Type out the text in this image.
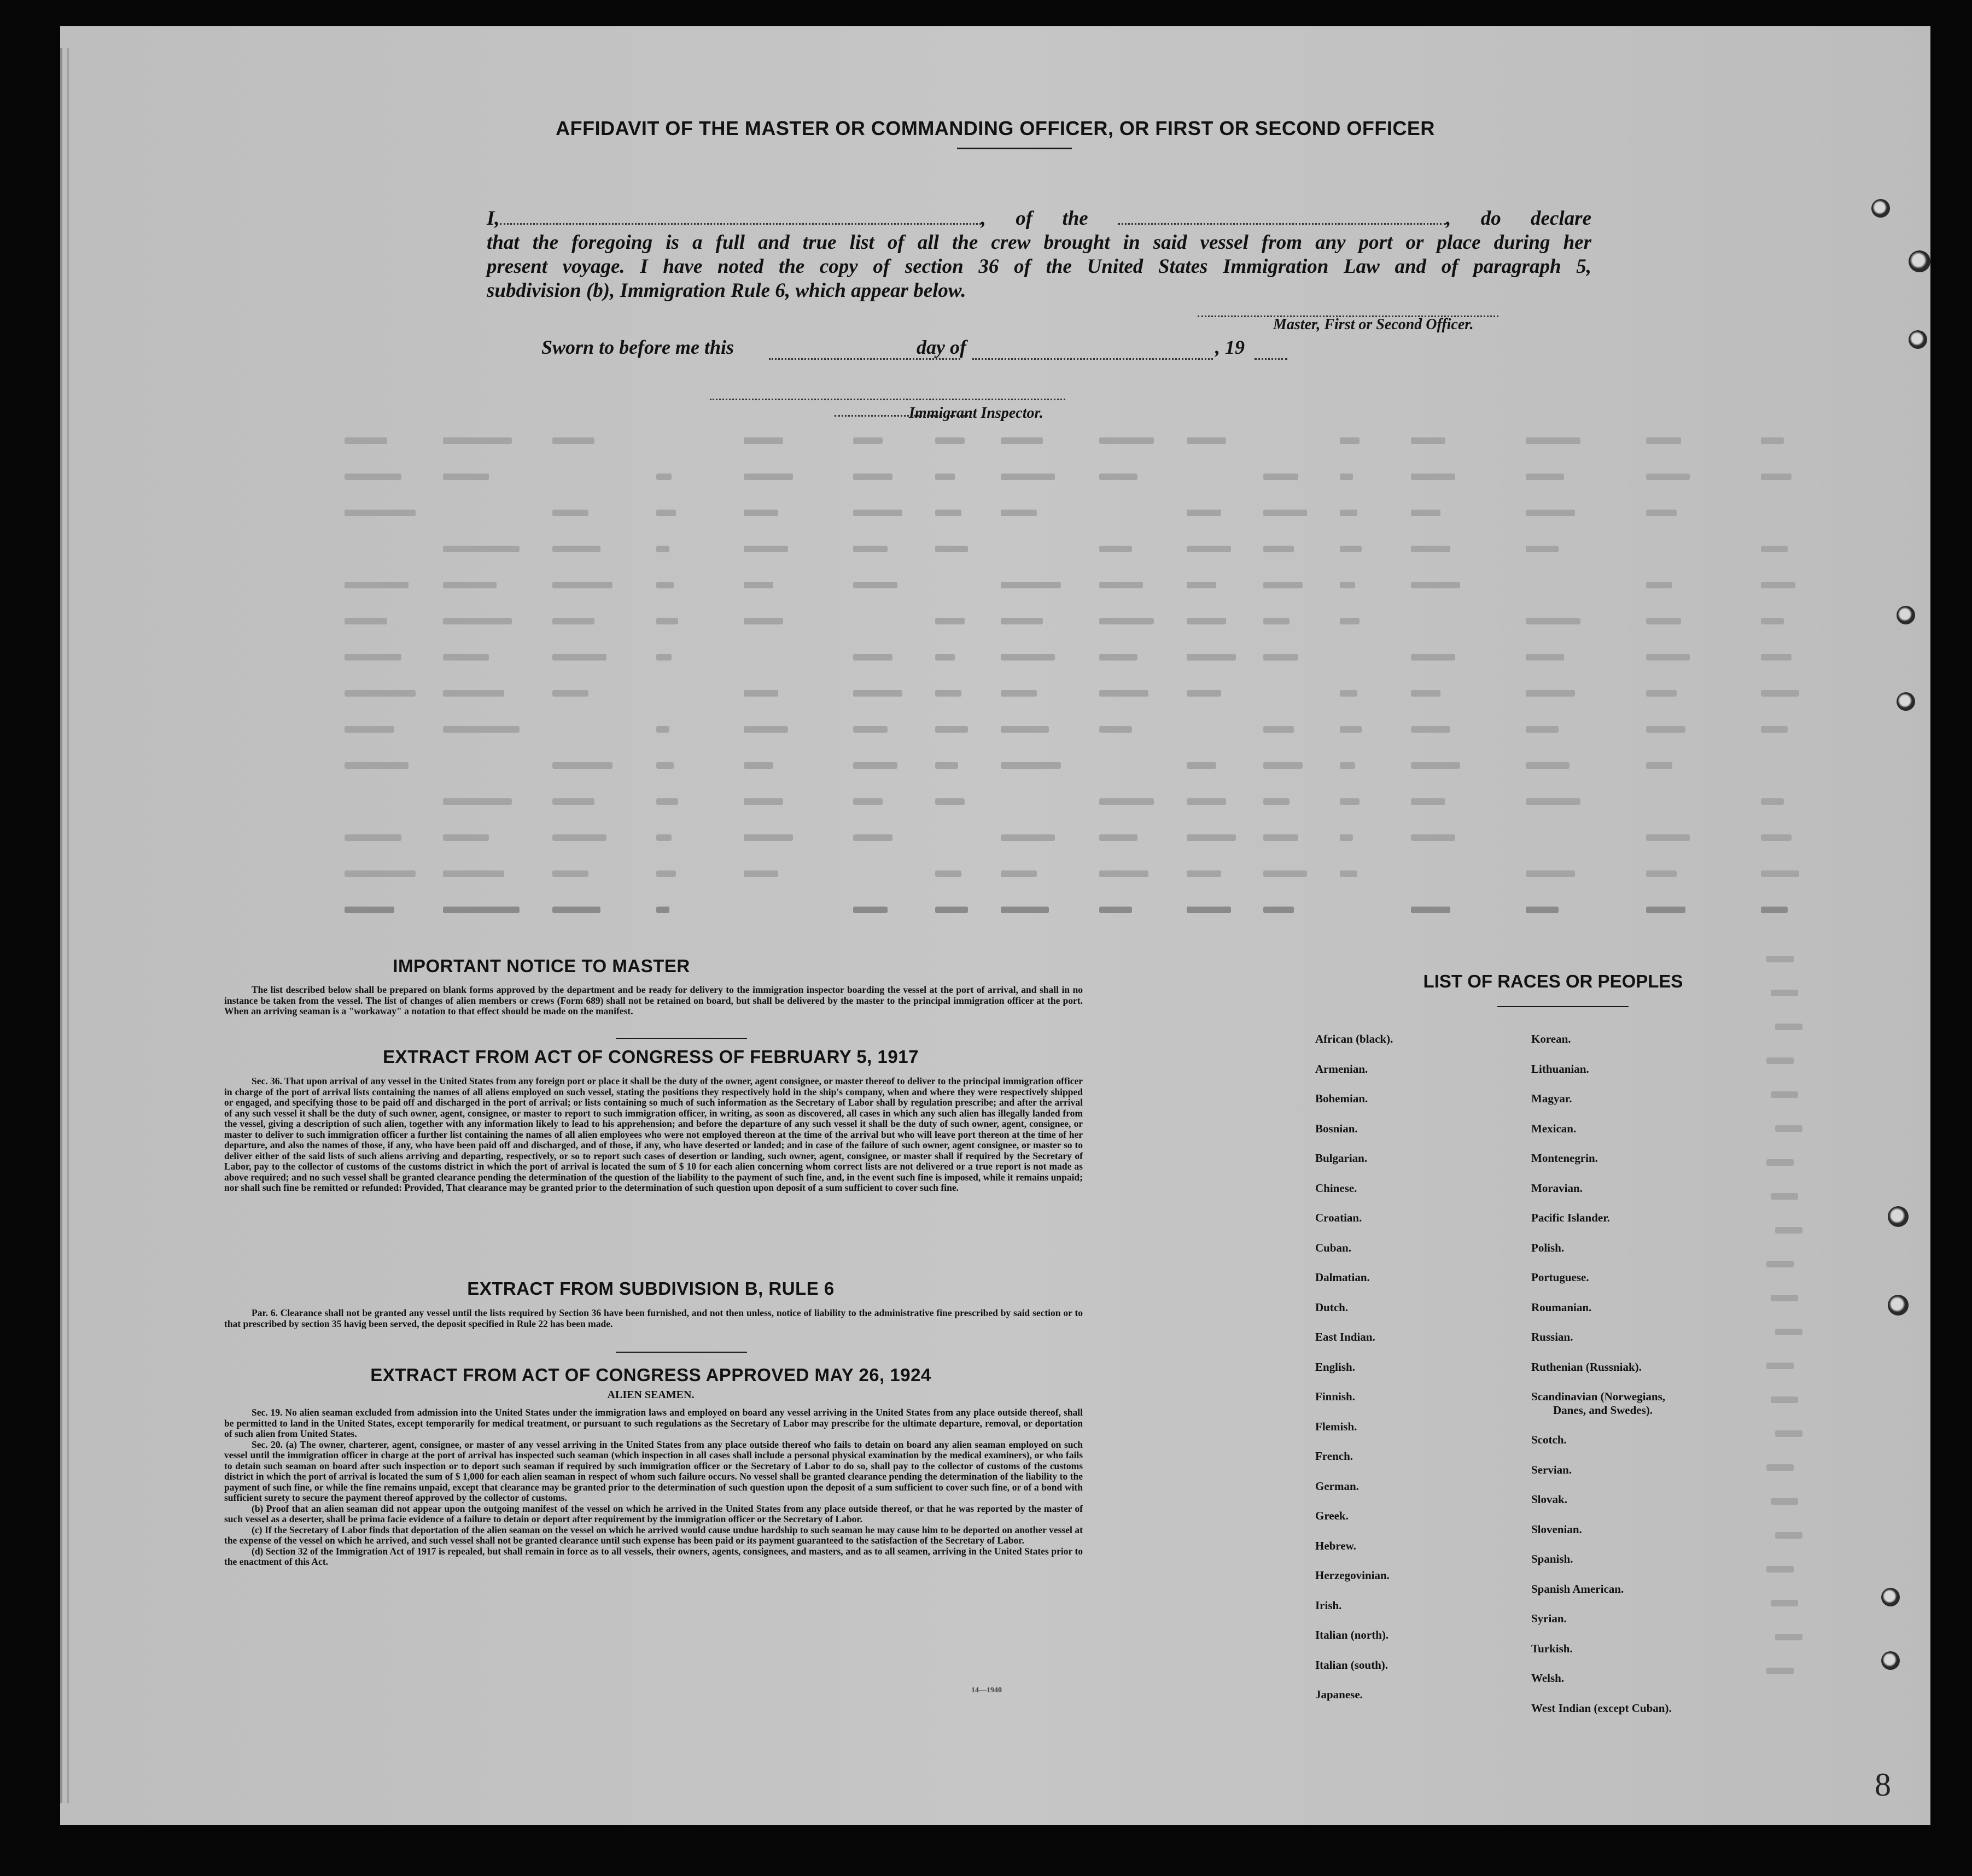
AFFIDAVIT OF THE MASTER OR COMMANDING OFFICER, OR FIRST OR SECOND OFFICER

I,	, of the	, do declare

that the foregoing is a full and true list of all the crew brought in said vessel from any port or place during her

present voyage. I have noted the copy of section 36 of the United States Immigration Law and of paragraph 5,

subdivision (b), Immigration Rule 6, which appear below.

Master, First or Second Officer.
Sworn to before me this	day of	, 19
Immigrant Inspector.
IMPORTANT NOTICE TO MASTER
The list described below shall be prepared on blank forms approved by the department and be ready for delivery to the immigration inspector boarding the vessel at the port of arrival, and shall in no instance be taken from the vessel. The list of changes of alien members or crews (Form 689) shall not be retained on board, but shall be delivered by the master to the principal immigration officer at the port. When an arriving seaman is a "workaway" a notation to that effect should be made on the manifest.
EXTRACT FROM ACT OF CONGRESS OF FEBRUARY 5, 1917
Sec. 36. That upon arrival of any vessel in the United States from any foreign port or place it shall be the duty of the owner, agent consignee, or master thereof to deliver to the principal immigration officer in charge of the port of arrival lists containing the names of all aliens employed on such vessel, stating the positions they respectively hold in the ship's company, when and where they were respectively shipped or engaged, and specifying those to be paid off and discharged in the port of arrival; or lists containing so much of such information as the Secretary of Labor shall by regulation prescribe; and after the arrival of any such vessel it shall be the duty of such owner, agent, consignee, or master to report to such immigration officer, in writing, as soon as discovered, all cases in which any such alien has illegally landed from the vessel, giving a description of such alien, together with any information likely to lead to his apprehension; and before the departure of any such vessel it shall be the duty of such owner, agent, consignee, or master to deliver to such immigration officer a further list containing the names of all alien employees who were not employed thereon at the time of the arrival but who will leave port thereon at the time of her departure, and also the names of those, if any, who have been paid off and discharged, and of those, if any, who have deserted or landed; and in case of the failure of such owner, agent consignee, or master so to deliver either of the said lists of such aliens arriving and departing, respectively, or so to report such cases of desertion or landing, such owner, agent, consignee, or master shall if required by the Secretary of Labor, pay to the collector of customs of the customs district in which the port of arrival is located the sum of $ 10 for each alien concerning whom correct lists are not delivered or a true report is not made as above required; and no such vessel shall be granted clearance pending the determination of the question of the liability to the payment of such fine, and, in the event such fine is imposed, while it remains unpaid; nor shall such fine be remitted or refunded: Provided, That clearance may be granted prior to the determination of such question upon deposit of a sum sufficient to cover such fine.
EXTRACT FROM SUBDIVISION B, RULE 6
Par. 6. Clearance shall not be granted any vessel until the lists required by Section 36 have been furnished, and not then unless, notice of liability to the administrative fine prescribed by said section or to that prescribed by section 35 havig been served, the deposit specified in Rule 22 has been made.
EXTRACT FROM ACT OF CONGRESS APPROVED MAY 26, 1924
ALIEN SEAMEN.

Sec. 19. No alien seaman excluded from admission into the United States under the immigration laws and employed on board any vessel arriving in the United States from any place outside thereof, shall be permitted to land in the United States, except temporarily for medical treatment, or pursuant to such regulations as the Secretary of Labor may prescribe for the ultimate departure, removal, or deportation of such alien from United States.

Sec. 20. (a) The owner, charterer, agent, consignee, or master of any vessel arriving in the United States from any place outside thereof who fails to detain on board any alien seaman employed on such vessel until the immigration officer in charge at the port of arrival has inspected such seaman (which inspection in all cases shall include a personal physical examination by the medical examiners), or who fails to detain such seaman on board after such inspection or to deport such seaman if required by such immigration officer or the Secretary of Labor to do so, shall pay to the collector of customs of the customs district in which the port of arrival is located the sum of $ 1,000 for each alien seaman in respect of whom such failure occurs. No vessel shall be granted clearance pending the determination of the liability to the payment of such fine, or while the fine remains unpaid, except that clearance may be granted prior to the determination of such question upon the deposit of a sum sufficient to cover such fine, or of a bond with sufficient surety to secure the payment thereof approved by the collector of customs.

(b) Proof that an alien seaman did not appear upon the outgoing manifest of the vessel on which he arrived in the United States from any place outside thereof, or that he was reported by the master of such vessel as a deserter, shall be prima facie evidence of a failure to detain or deport after requirement by the immigration officer or the Secretary of Labor.

(c) If the Secretary of Labor finds that deportation of the alien seaman on the vessel on which he arrived would cause undue hardship to such seaman he may cause him to be deported on another vessel at the expense of the vessel on which he arrived, and such vessel shall not be granted clearance until such expense has been paid or its payment guaranteed to the satisfaction of the Secretary of Labor.

(d) Section 32 of the Immigration Act of 1917 is repealed, but shall remain in force as to all vessels, their owners, agents, consignees, and masters, and as to all seamen, arriving in the United States prior to the enactment of this Act.

14—1940
LIST OF RACES OR PEOPLES
African (black).
Armenian.
Bohemian.
Bosnian.
Bulgarian.
Chinese.
Croatian.
Cuban.
Dalmatian.
Dutch.
East Indian.
English.
Finnish.
Flemish.
French.
German.
Greek.
Hebrew.
Herzegovinian.
Irish.
Italian (north).
Italian (south).
Japanese.
Korean.
Lithuanian.
Magyar.
Mexican.
Montenegrin.
Moravian.
Pacific Islander.
Polish.
Portuguese.
Roumanian.
Russian.
Ruthenian (Russniak).
Scandinavian (Norwegians,
Danes, and Swedes).
Scotch.
Servian.
Slovak.
Slovenian.
Spanish.
Spanish American.
Syrian.
Turkish.
Welsh.
West Indian (except Cuban).
8
